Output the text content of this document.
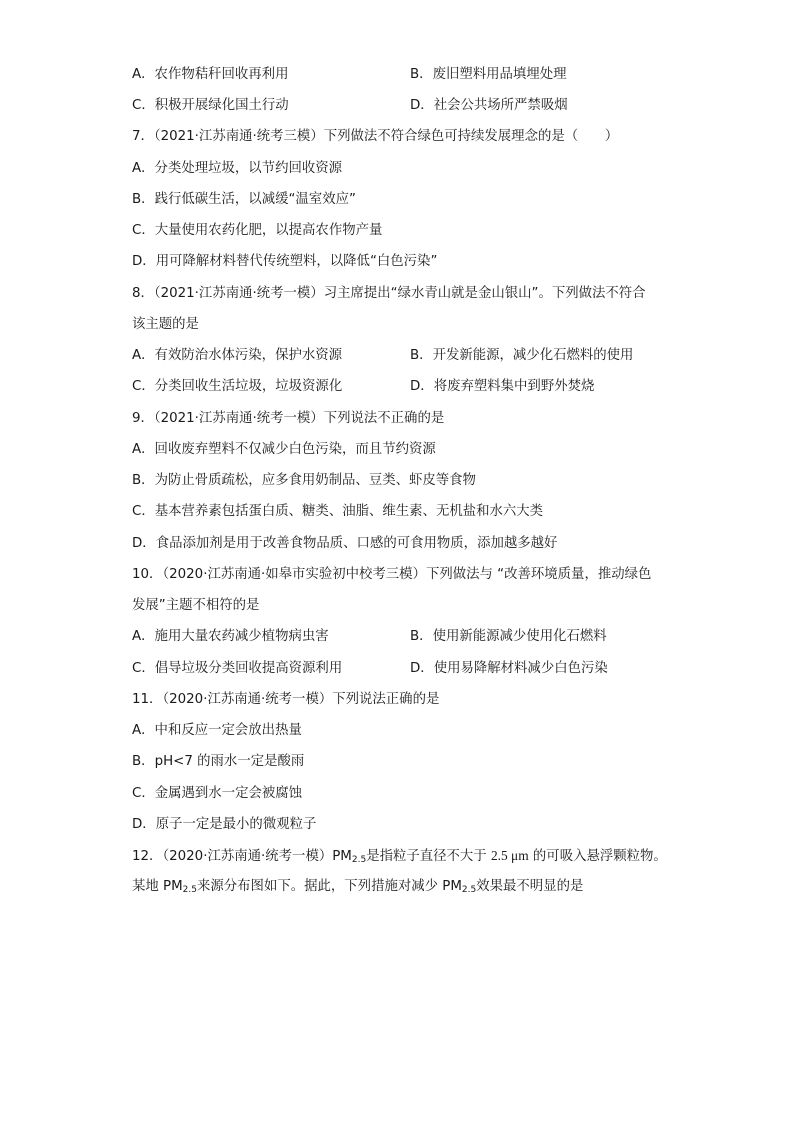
A．农作物秸秆回收再利用	B．废旧塑料用品填埋处理
C．积极开展绿化国土行动	D．社会公共场所严禁吸烟
7．（2021·江苏南通·统考三模）下列做法不符合绿色可持续发展理念的是（　　）
A．分类处理垃圾，以节约回收资源
B．践行低碳生活，以减缓“温室效应”
C．大量使用农药化肥，以提高农作物产量
D．用可降解材料替代传统塑料，以降低“白色污染”
8．（2021·江苏南通·统考一模）习主席提出“绿水青山就是金山银山”。下列做法不符合
该主题的是
A．有效防治水体污染，保护水资源	B．开发新能源，减少化石燃料的使用
C．分类回收生活垃圾，垃圾资源化	D．将废弃塑料集中到野外焚烧
9．（2021·江苏南通·统考一模）下列说法不正确的是
A．回收废弃塑料不仅减少白色污染，而且节约资源
B．为防止骨质疏松，应多食用奶制品、豆类、虾皮等食物
C．基本营养素包括蛋白质、糖类、油脂、维生素、无机盐和水六大类
D．食品添加剂是用于改善食物品质、口感的可食用物质，添加越多越好
10．（2020·江苏南通·如皋市实验初中校考三模）下列做法与 “改善环境质量，推动绿色
发展”主题不相符的是
A．施用大量农药减少植物病虫害	B．使用新能源减少使用化石燃料
C．倡导垃圾分类回收提高资源利用	D．使用易降解材料减少白色污染
11．（2020·江苏南通·统考一模）下列说法正确的是
A．中和反应一定会放出热量
B．pH<7 的雨水一定是酸雨
C．金属遇到水一定会被腐蚀
D．原子一定是最小的微观粒子
12．（2020·江苏南通·统考一模）$PM_{2.5}$是指粒子直径不大于 2.5 μm 的可吸入悬浮颗粒物。
某地 $PM_{2.5}$来源分布图如下。据此，下列措施对减少 $PM_{2.5}$效果最不明显的是
